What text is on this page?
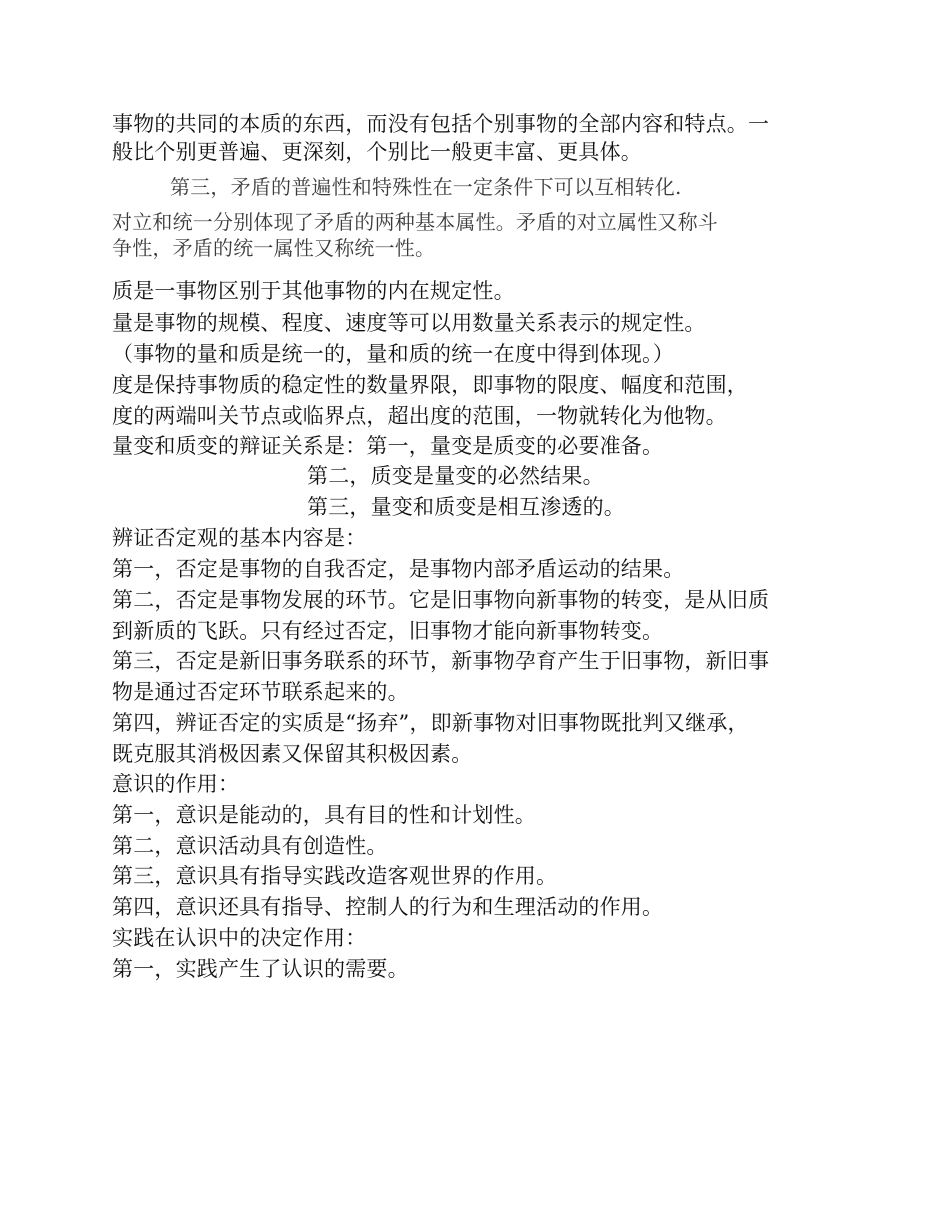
事物的共同的本质的东西，而没有包括个别事物的全部内容和特点。一
般比个别更普遍、更深刻，个别比一般更丰富、更具体。
第三，矛盾的普遍性和特殊性在一定条件下可以互相转化.
对立和统一分别体现了矛盾的两种基本属性。矛盾的对立属性又称斗
争性，矛盾的统一属性又称统一性。
质是一事物区别于其他事物的内在规定性。
量是事物的规模、程度、速度等可以用数量关系表示的规定性。
（事物的量和质是统一的，量和质的统一在度中得到体现。）
度是保持事物质的稳定性的数量界限，即事物的限度、幅度和范围，
度的两端叫关节点或临界点，超出度的范围，一物就转化为他物。
量变和质变的辩证关系是：第一，量变是质变的必要准备。
第二，质变是量变的必然结果。
第三，量变和质变是相互渗透的。
辨证否定观的基本内容是：
第一，否定是事物的自我否定，是事物内部矛盾运动的结果。
第二，否定是事物发展的环节。它是旧事物向新事物的转变，是从旧质
到新质的飞跃。只有经过否定，旧事物才能向新事物转变。
第三，否定是新旧事务联系的环节，新事物孕育产生于旧事物，新旧事
物是通过否定环节联系起来的。
第四，辨证否定的实质是“扬弃”，即新事物对旧事物既批判又继承，
既克服其消极因素又保留其积极因素。
意识的作用：
第一，意识是能动的，具有目的性和计划性。
第二，意识活动具有创造性。
第三，意识具有指导实践改造客观世界的作用。
第四，意识还具有指导、控制人的行为和生理活动的作用。
实践在认识中的决定作用：
第一，实践产生了认识的需要。
